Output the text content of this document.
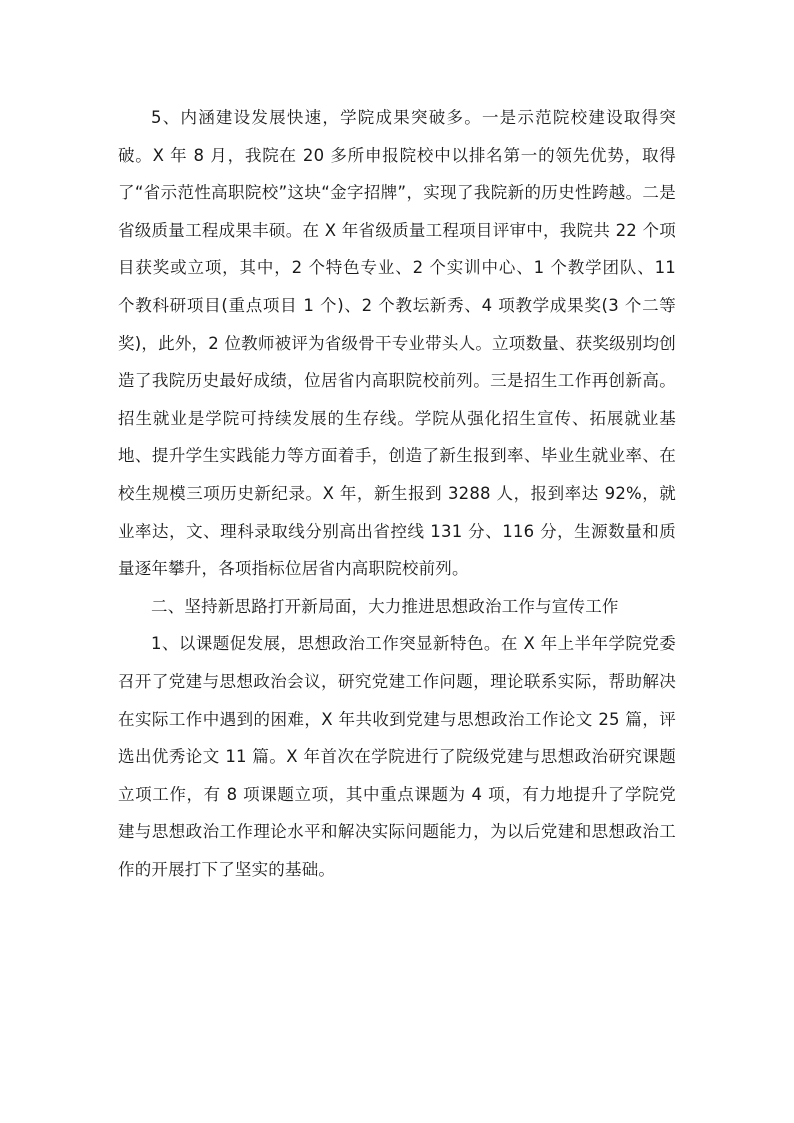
5、内涵建设发展快速，学院成果突破多。一是示范院校建设取得突破。X 年 8 月，我院在 20 多所申报院校中以排名第一的领先优势，取得了“省示范性高职院校”这块“金字招牌”，实现了我院新的历史性跨越。二是省级质量工程成果丰硕。在 X 年省级质量工程项目评审中，我院共 22 个项目获奖或立项，其中，2 个特色专业、2 个实训中心、1 个教学团队、11 个教科研项目(重点项目 1 个)、2 个教坛新秀、4 项教学成果奖(3 个二等奖)，此外，2 位教师被评为省级骨干专业带头人。立项数量、获奖级别均创造了我院历史最好成绩，位居省内高职院校前列。三是招生工作再创新高。招生就业是学院可持续发展的生存线。学院从强化招生宣传、拓展就业基地、提升学生实践能力等方面着手，创造了新生报到率、毕业生就业率、在校生规模三项历史新纪录。X 年，新生报到 3288 人，报到率达 92%，就业率达，文、理科录取线分别高出省控线 131 分、116 分，生源数量和质量逐年攀升，各项指标位居省内高职院校前列。

二、坚持新思路打开新局面，大力推进思想政治工作与宣传工作

1、以课题促发展，思想政治工作突显新特色。在 X 年上半年学院党委召开了党建与思想政治会议，研究党建工作问题，理论联系实际，帮助解决在实际工作中遇到的困难，X 年共收到党建与思想政治工作论文 25 篇，评选出优秀论文 11 篇。X 年首次在学院进行了院级党建与思想政治研究课题立项工作，有 8 项课题立项，其中重点课题为 4 项，有力地提升了学院党建与思想政治工作理论水平和解决实际问题能力，为以后党建和思想政治工作的开展打下了坚实的基础。
